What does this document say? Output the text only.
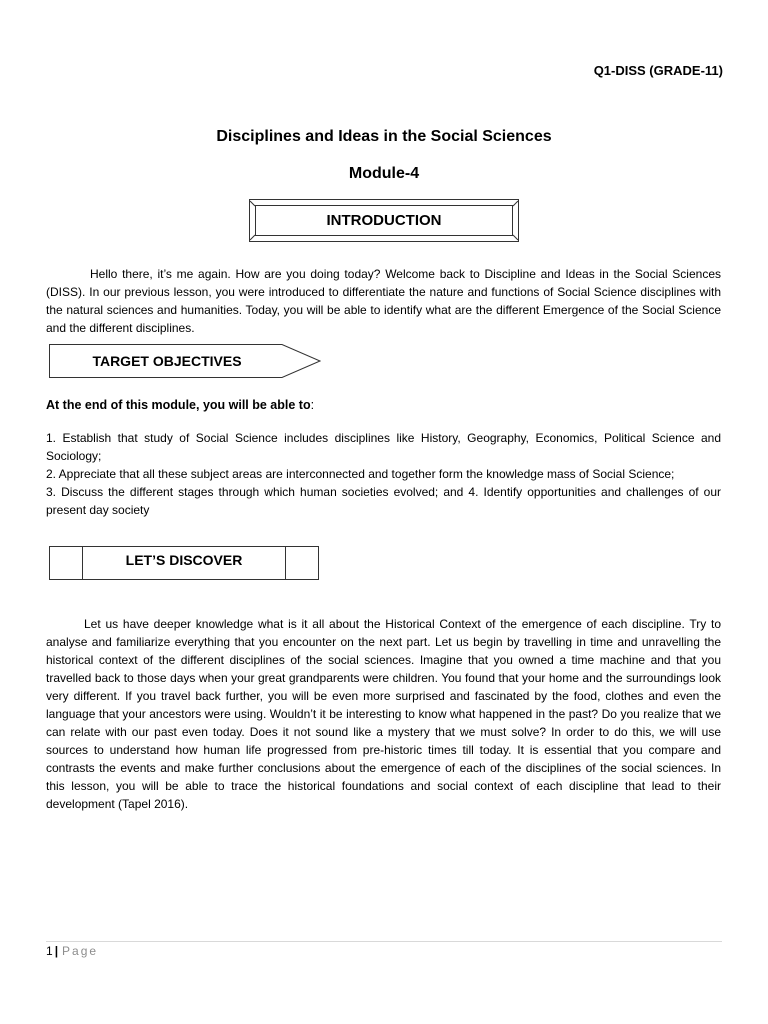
Q1-DISS (GRADE-11)
Disciplines and Ideas in the Social Sciences
Module-4
INTRODUCTION
Hello there, it’s me again. How are you doing today? Welcome back to Discipline and Ideas in the Social Sciences (DISS). In our previous lesson, you were introduced to differentiate the nature and functions of Social Science disciplines with the natural sciences and humanities. Today, you will be able to identify what are the different Emergence of the Social Science and the different disciplines.
TARGET OBJECTIVES
At the end of this module, you will be able to:

1. Establish that study of Social Science includes disciplines like History, Geography, Economics, Political Science and Sociology;

2. Appreciate that all these subject areas are interconnected and together form the knowledge mass of Social Science;

3. Discuss the different stages through which human societies evolved; and 4. Identify opportunities and challenges of our present day society

LET’S DISCOVER
Let us have deeper knowledge what is it all about the Historical Context of the emergence of each discipline. Try to analyse and familiarize everything that you encounter on the next part. Let us begin by travelling in time and unravelling the historical context of the different disciplines of the social sciences. Imagine that you owned a time machine and that you travelled back to those days when your great grandparents were children. You found that your home and the surroundings look very different. If you travel back further, you will be even more surprised and fascinated by the food, clothes and even the language that your ancestors were using. Wouldn’t it be interesting to know what happened in the past? Do you realize that we can relate with our past even today. Does it not sound like a mystery that we must solve? In order to do this, we will use sources to understand how human life progressed from pre-historic times till today. It is essential that you compare and contrasts the events and make further conclusions about the emergence of each of the disciplines of the social sciences. In this lesson, you will be able to trace the historical foundations and social context of each discipline that lead to their development (Tapel 2016).
1 | Page
